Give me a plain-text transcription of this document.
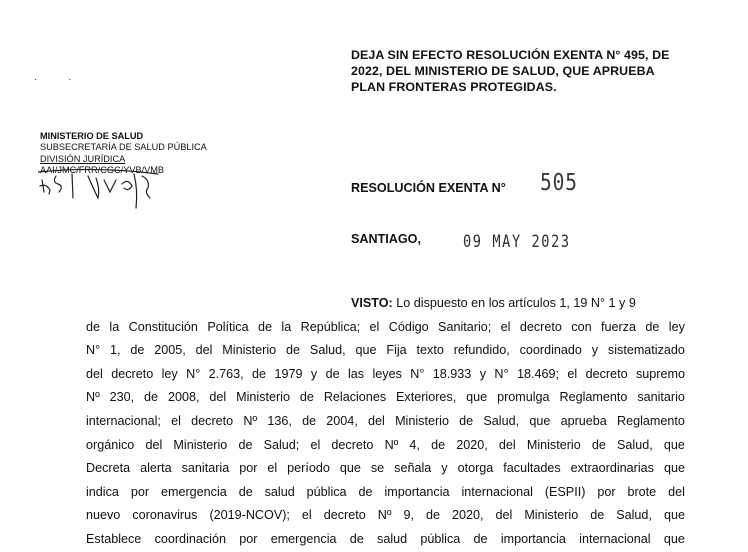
DEJA SIN EFECTO RESOLUCIÓN EXENTA N° 495, DE
2022, DEL MINISTERIO DE SALUD, QUE APRUEBA
PLAN FRONTERAS PROTEGIDAS.
· ·
MINISTERIO DE SALUD
SUBSECRETARÍA DE SALUD PÚBLICA
DIVISIÓN JURÍDICA
AAI/JMC/FRR/CGC/YVB/VMB
RESOLUCIÓN EXENTA N° 505
SANTIAGO, 09 MAY 2023
VISTO:
Lo dispuesto en los artículos 1, 19 N° 1 y 9
de la Constitución Política de la República; el Código Sanitario; el decreto con fuerza de ley
N° 1, de 2005, del Ministerio de Salud, que Fija texto refundido, coordinado y sistematizado
del decreto ley N° 2.763, de 1979 y de las leyes N° 18.933 y N° 18.469; el decreto supremo
Nº 230, de 2008, del Ministerio de Relaciones Exteriores, que promulga Reglamento sanitario
internacional; el decreto Nº 136, de 2004, del Ministerio de Salud, que aprueba Reglamento
orgánico del Ministerio de Salud; el decreto Nº 4, de 2020, del Ministerio de Salud, que
Decreta alerta sanitaria por el período que se señala y otorga facultades extraordinarias que
indica por emergencia de salud pública de importancia internacional (ESPII) por brote del
nuevo coronavirus (2019-NCOV); el decreto Nº 9, de 2020, del Ministerio de Salud, que
Establece coordinación por emergencia de salud pública de importancia internacional que
